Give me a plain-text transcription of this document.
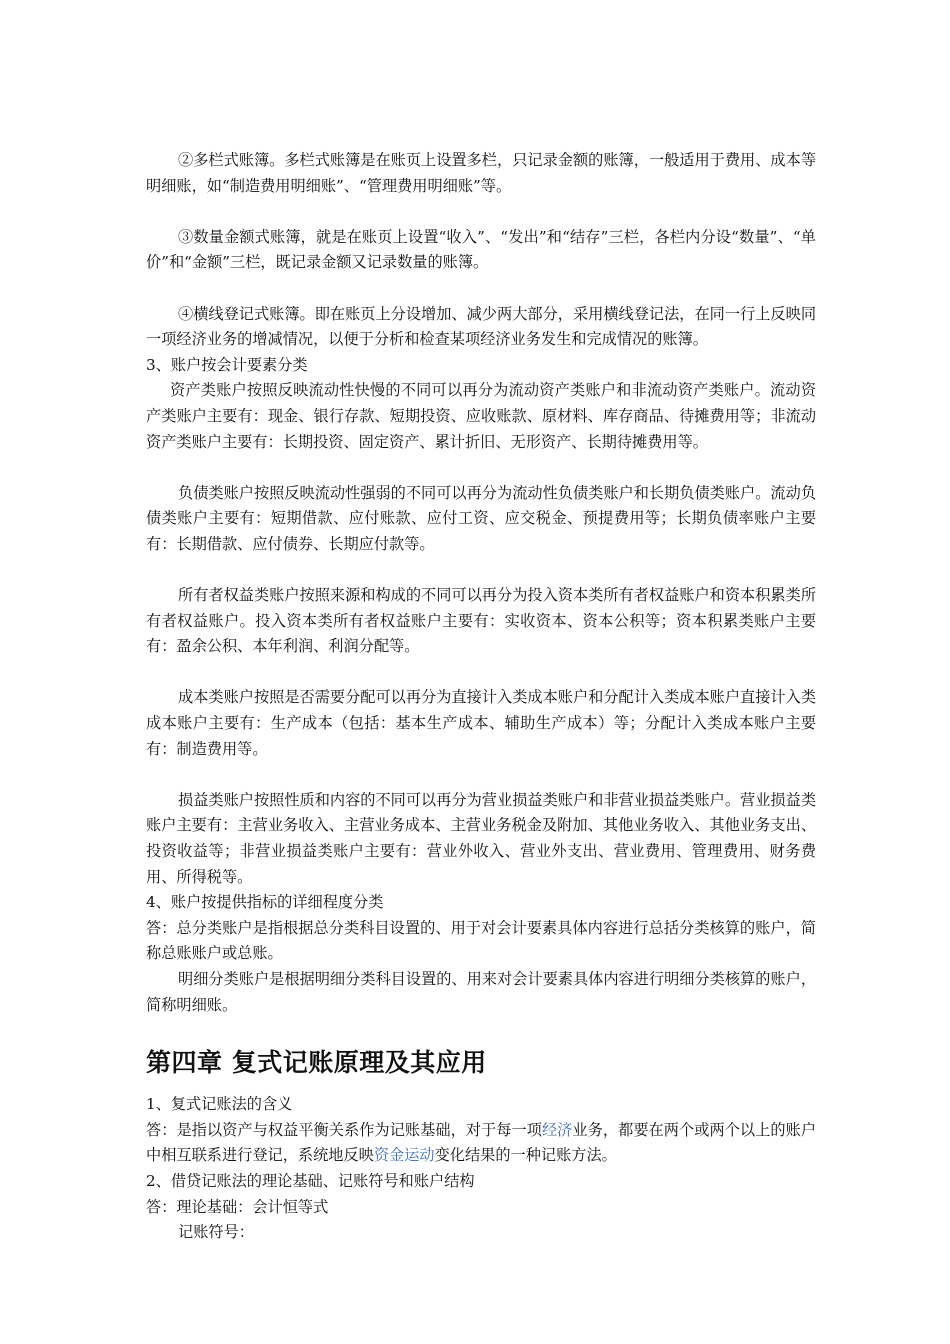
②多栏式账簿。多栏式账簿是在账页上设置多栏，只记录金额的账簿，一般适用于费用、成本等明细账，如“制造费用明细账”、“管理费用明细账”等。

③数量金额式账簿，就是在账页上设置“收入”、“发出”和“结存”三栏，各栏内分设“数量”、“单价”和“金额”三栏，既记录金额又记录数量的账簿。

④横线登记式账簿。即在账页上分设增加、减少两大部分，采用横线登记法，在同一行上反映同一项经济业务的增减情况，以便于分析和检查某项经济业务发生和完成情况的账簿。

3、账户按会计要素分类

资产类账户按照反映流动性快慢的不同可以再分为流动资产类账户和非流动资产类账户。流动资产类账户主要有：现金、银行存款、短期投资、应收账款、原材料、库存商品、待摊费用等；非流动资产类账户主要有：长期投资、固定资产、累计折旧、无形资产、长期待摊费用等。

负债类账户按照反映流动性强弱的不同可以再分为流动性负债类账户和长期负债类账户。流动负债类账户主要有：短期借款、应付账款、应付工资、应交税金、预提费用等；长期负债率账户主要有：长期借款、应付债券、长期应付款等。

所有者权益类账户按照来源和构成的不同可以再分为投入资本类所有者权益账户和资本积累类所有者权益账户。投入资本类所有者权益账户主要有：实收资本、资本公积等；资本积累类账户主要有：盈余公积、本年利润、利润分配等。

成本类账户按照是否需要分配可以再分为直接计入类成本账户和分配计入类成本账户直接计入类成本账户主要有：生产成本（包括：基本生产成本、辅助生产成本）等；分配计入类成本账户主要有：制造费用等。

损益类账户按照性质和内容的不同可以再分为营业损益类账户和非营业损益类账户。营业损益类账户主要有：主营业务收入、主营业务成本、主营业务税金及附加、其他业务收入、其他业务支出、投资收益等；非营业损益类账户主要有：营业外收入、营业外支出、营业费用、管理费用、财务费用、所得税等。

4、账户按提供指标的详细程度分类

答：总分类账户是指根据总分类科目设置的、用于对会计要素具体内容进行总括分类核算的账户，简称总账账户或总账。

明细分类账户是根据明细分类科目设置的、用来对会计要素具体内容进行明细分类核算的账户，简称明细账。

第四章 复式记账原理及其应用

1、复式记账法的含义

答：是指以资产与权益平衡关系作为记账基础，对于每一项经济业务，都要在两个或两个以上的账户中相互联系进行登记，系统地反映资金运动变化结果的一种记账方法。

2、借贷记账法的理论基础、记账符号和账户结构

答：理论基础：会计恒等式

记账符号：
